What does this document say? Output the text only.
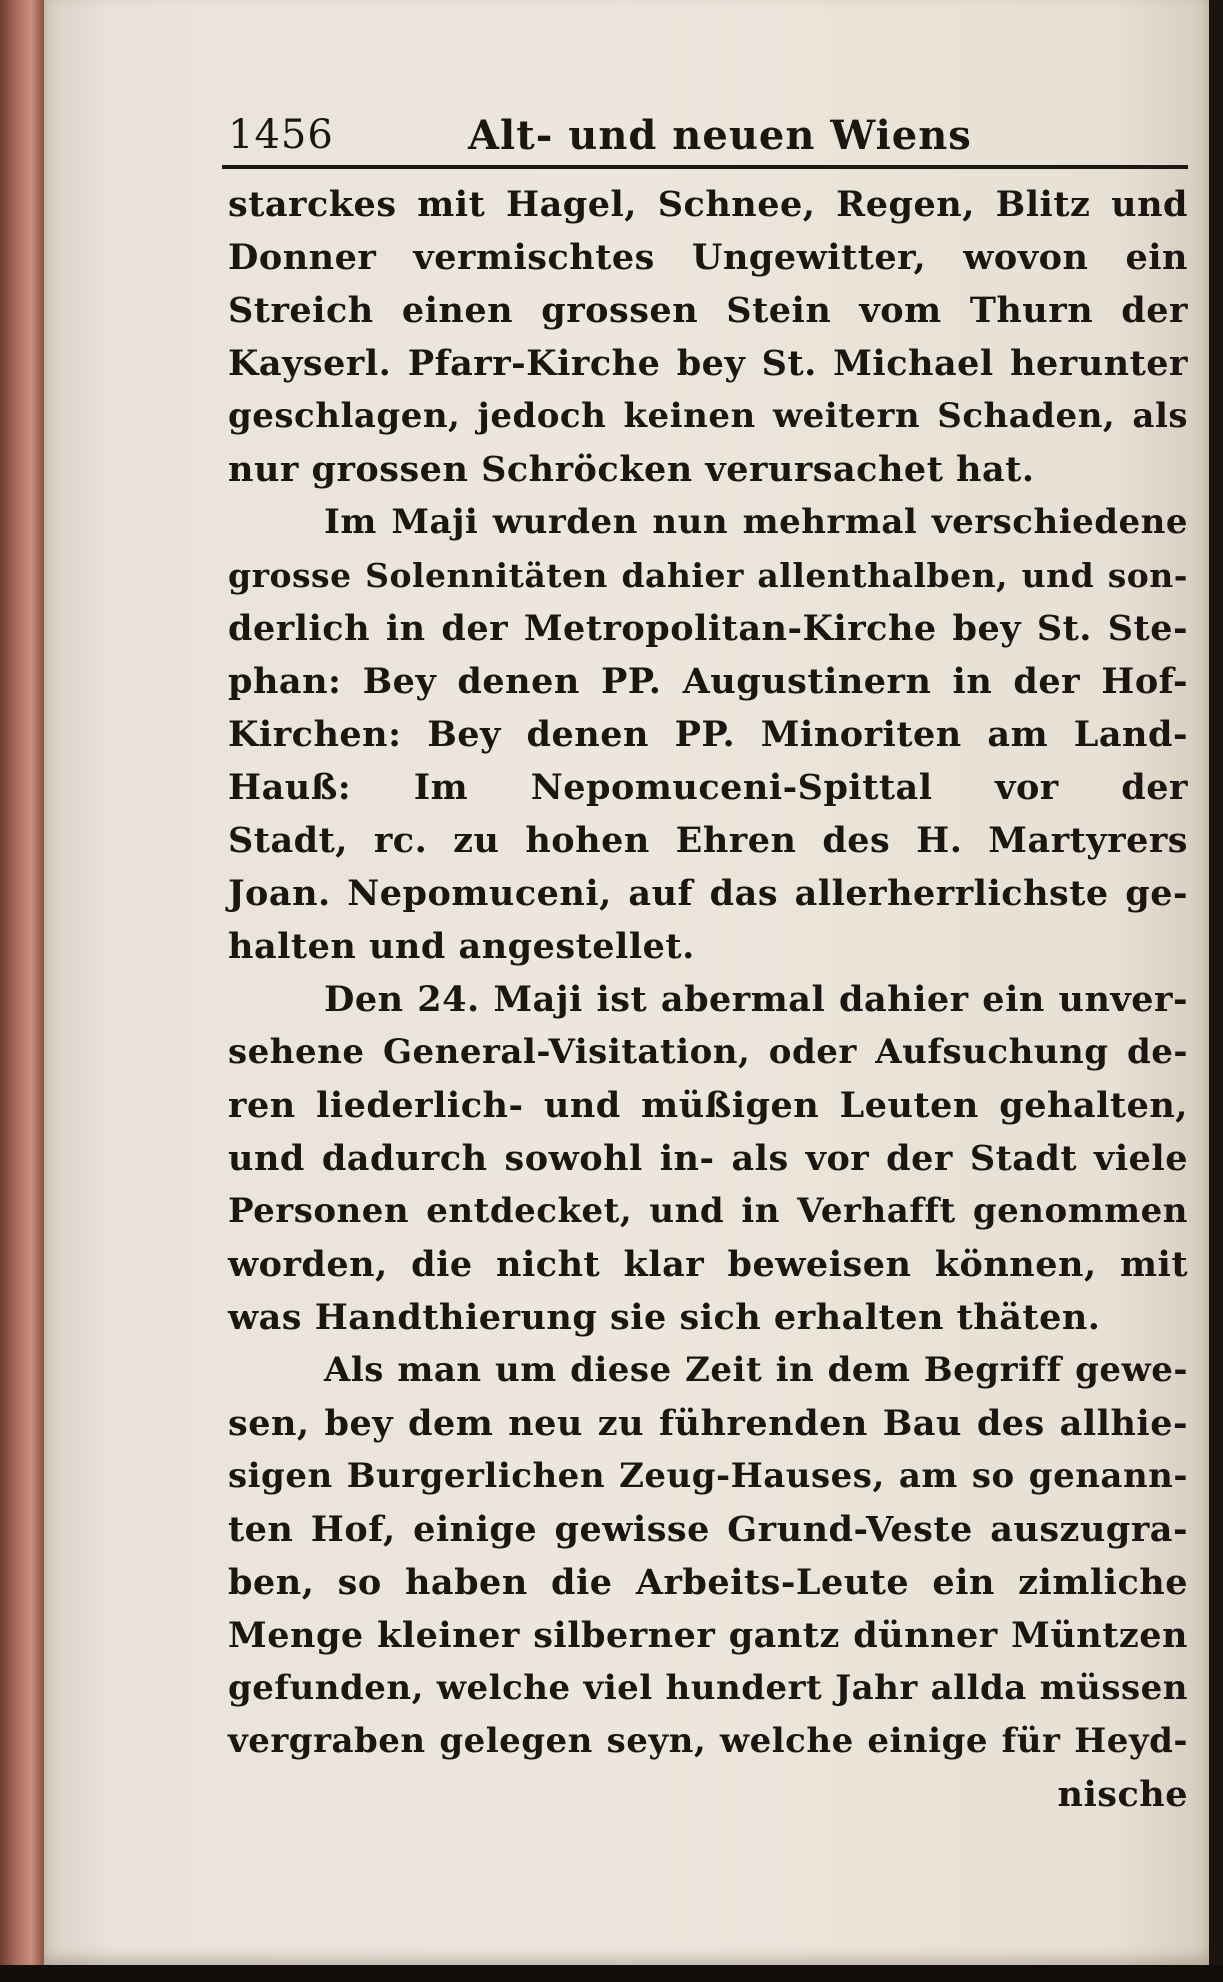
1456	Alt- und neuen Wiens
starckes mit Hagel, Schnee, Regen, Blitz und
Donner vermischtes Ungewitter, wovon ein
Streich einen grossen Stein vom Thurn der
Kayserl. Pfarr-Kirche bey St. Michael herunter
geschlagen, jedoch keinen weitern Schaden, als
nur grossen Schröcken verursachet hat.
Im Maji wurden nun mehrmal verschiedene
grosse Solennitäten dahier allenthalben, und son-
derlich in der Metropolitan-Kirche bey St. Ste-
phan: Bey denen PP. Augustinern in der Hof-
Kirchen: Bey denen PP. Minoriten am Land-
Hauß: Im Nepomuceni-Spittal vor der
Stadt, rc. zu hohen Ehren des H. Martyrers
Joan. Nepomuceni, auf das allerherrlichste ge-
halten und angestellet.
Den 24. Maji ist abermal dahier ein unver-
sehene General-Visitation, oder Aufsuchung de-
ren liederlich- und müßigen Leuten gehalten,
und dadurch sowohl in- als vor der Stadt viele
Personen entdecket, und in Verhafft genommen
worden, die nicht klar beweisen können, mit
was Handthierung sie sich erhalten thäten.
Als man um diese Zeit in dem Begriff gewe-
sen, bey dem neu zu führenden Bau des allhie-
sigen Burgerlichen Zeug-Hauses, am so genann-
ten Hof, einige gewisse Grund-Veste auszugra-
ben, so haben die Arbeits-Leute ein zimliche
Menge kleiner silberner gantz dünner Müntzen
gefunden, welche viel hundert Jahr allda müssen
vergraben gelegen seyn, welche einige für Heyd-
nische
